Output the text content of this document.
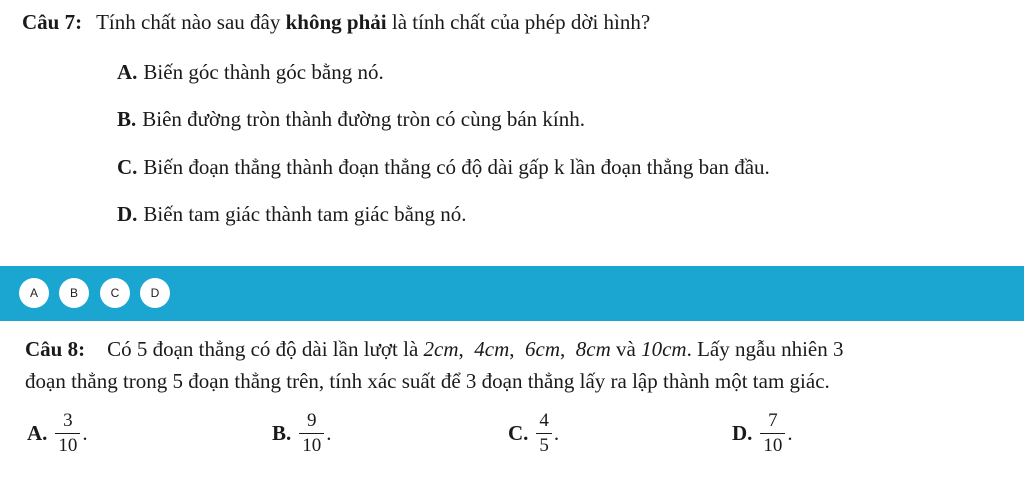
Câu 7: Tính chất nào sau đây không phải là tính chất của phép dời hình?
A. Biến góc thành góc bằng nó.
B. Biên đường tròn thành đường tròn có cùng bán kính.
C. Biến đoạn thẳng thành đoạn thẳng có độ dài gấp k lần đoạn thẳng ban đầu.
D. Biến tam giác thành tam giác bằng nó.
A	B	C	D
Câu 8: Có 5 đoạn thẳng có độ dài lần lượt là 2cm,  4cm,  6cm,  8cm và 10cm. Lấy ngẫu nhiên 3
đoạn thẳng trong 5 đoạn thẳng trên, tính xác suất để 3 đoạn thẳng lấy ra lập thành một tam giác.
A. $\frac{3}{10}$ .	B. $\frac{9}{10}$ .	C. $\frac{4}{5}$ .	D. $\frac{7}{10}$ .
